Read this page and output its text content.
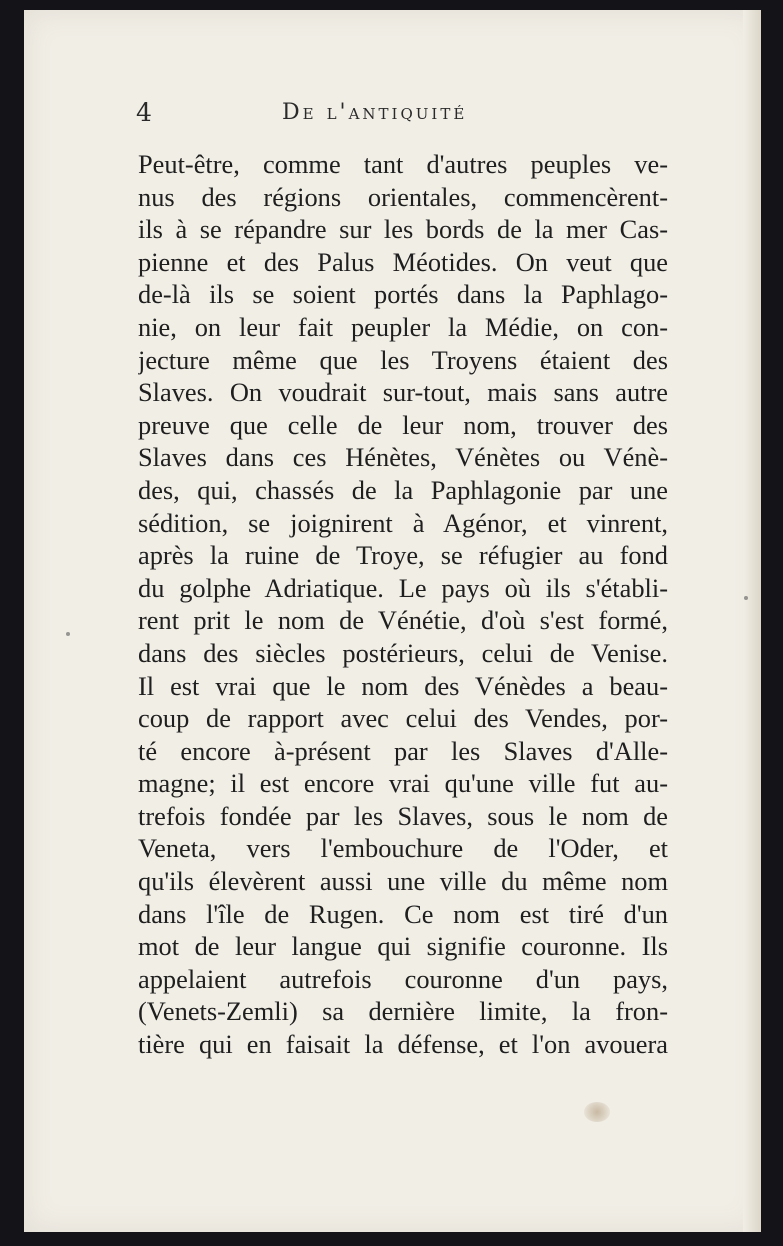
4	De l'antiquité
Peut-être, comme tant d'autres peuples ve-
nus des régions orientales, commencèrent-
ils à se répandre sur les bords de la mer Cas-
pienne et des Palus Méotides. On veut que
de-là ils se soient portés dans la Paphlago-
nie, on leur fait peupler la Médie, on con-
jecture même que les Troyens étaient des
Slaves. On voudrait sur-tout, mais sans autre
preuve que celle de leur nom, trouver des
Slaves dans ces Hénètes, Vénètes ou Vénè-
des, qui, chassés de la Paphlagonie par une
sédition, se joignirent à Agénor, et vinrent,
après la ruine de Troye, se réfugier au fond
du golphe Adriatique. Le pays où ils s'établi-
rent prit le nom de Vénétie, d'où s'est formé,
dans des siècles postérieurs, celui de Venise.
Il est vrai que le nom des Vénèdes a beau-
coup de rapport avec celui des Vendes, por-
té encore à-présent par les Slaves d'Alle-
magne; il est encore vrai qu'une ville fut au-
trefois fondée par les Slaves, sous le nom de
Veneta, vers l'embouchure de l'Oder, et
qu'ils élevèrent aussi une ville du même nom
dans l'île de Rugen. Ce nom est tiré d'un
mot de leur langue qui signifie couronne. Ils
appelaient autrefois couronne d'un pays,
(Venets-Zemli) sa dernière limite, la fron-
tière qui en faisait la défense, et l'on avouera
